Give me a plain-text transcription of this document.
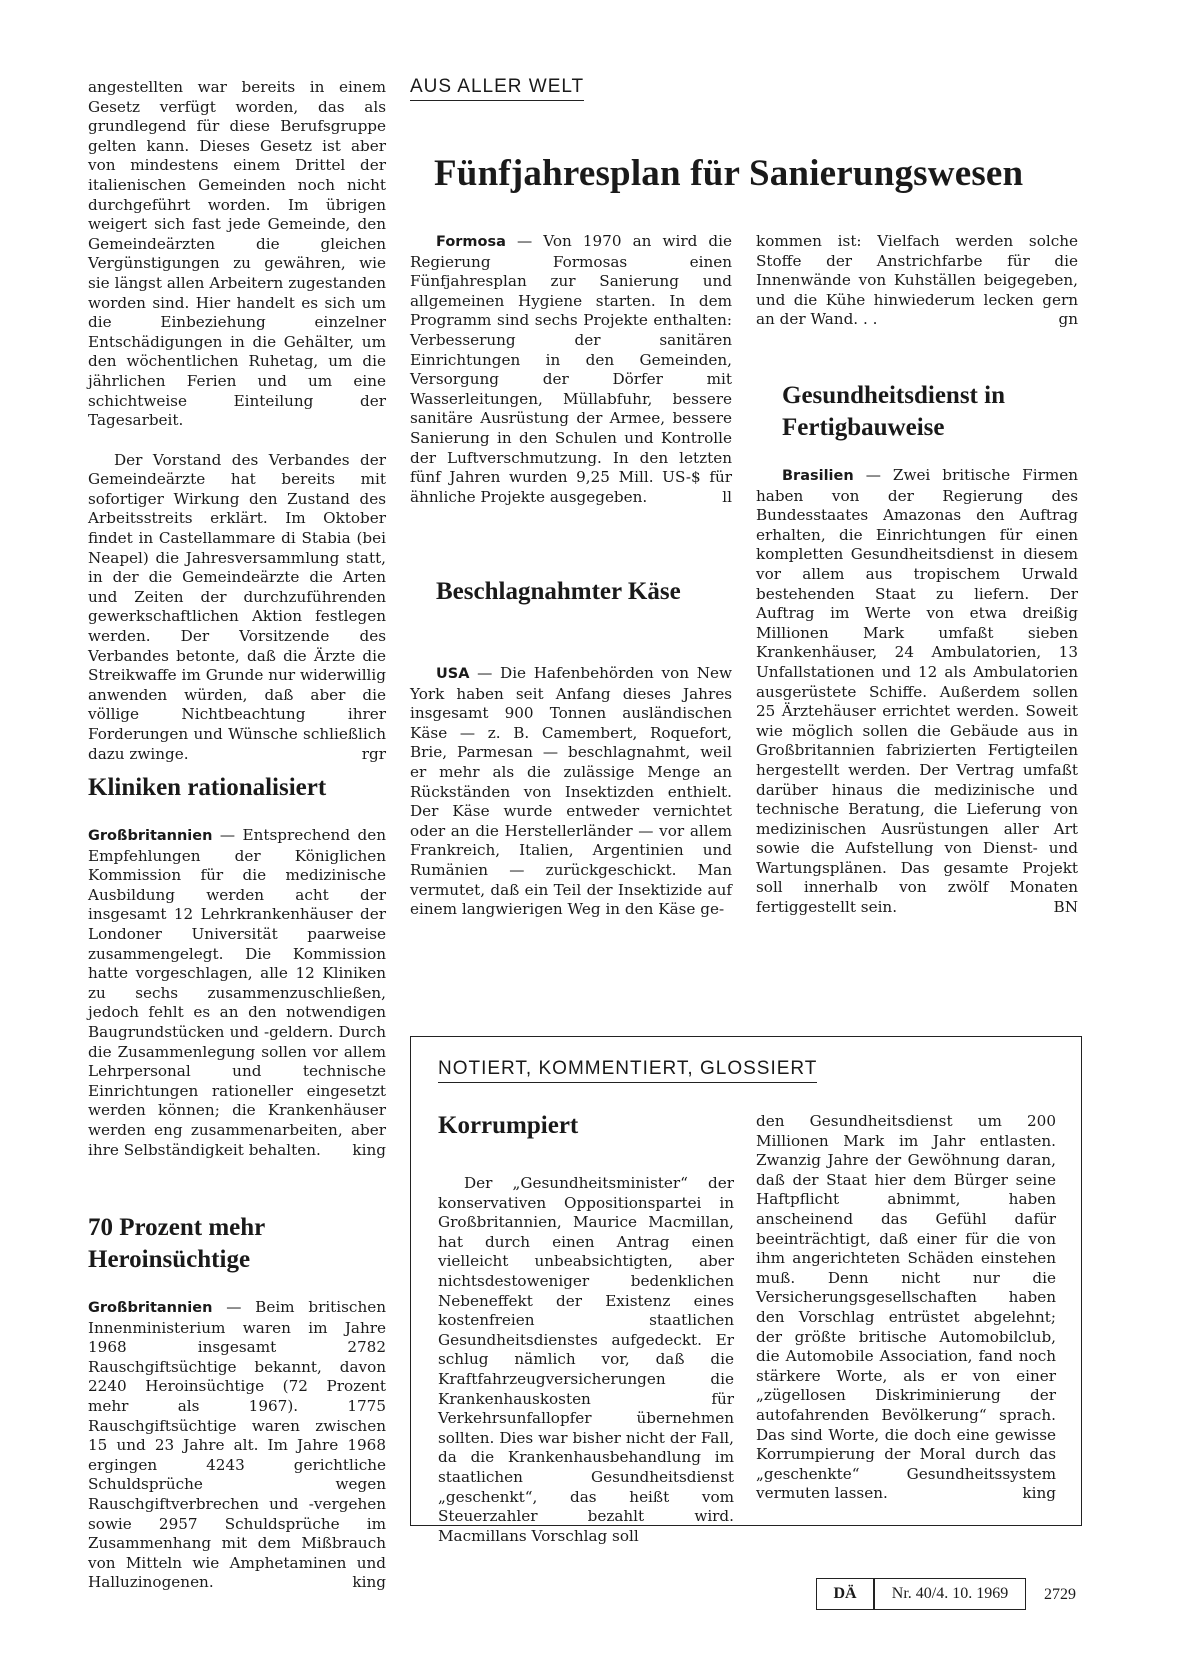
angestellten war bereits in einem Gesetz verfügt worden, das als grundlegend für diese Berufsgruppe gelten kann. Dieses Gesetz ist aber von mindestens einem Drittel der italienischen Gemeinden noch nicht durchgeführt worden. Im übrigen weigert sich fast jede Gemeinde, den Gemeindeärzten die gleichen Vergünstigungen zu gewähren, wie sie längst allen Arbeitern zugestanden worden sind. Hier handelt es sich um die Einbeziehung einzelner Entschädigungen in die Gehälter, um den wöchentlichen Ruhetag, um die jährlichen Ferien und um eine schichtweise Einteilung der Tagesarbeit.

Der Vorstand des Verbandes der Gemeindeärzte hat bereits mit sofortiger Wirkung den Zustand des Arbeitsstreits erklärt. Im Oktober findet in Castellammare di Stabia (bei Neapel) die Jahresversammlung statt, in der die Gemeindeärzte die Arten und Zeiten der durchzuführenden gewerkschaftlichen Aktion festlegen werden. Der Vorsitzende des Verbandes betonte, daß die Ärzte die Streikwaffe im Grunde nur widerwillig anwenden würden, daß aber die völlige Nichtbeachtung ihrer Forderungen und Wünsche schließlich dazu zwinge.	rgr

Kliniken rationalisiert

Großbritannien — Entsprechend den Empfehlungen der Königlichen Kommission für die medizinische Ausbildung werden acht der insgesamt 12 Lehrkrankenhäuser der Londoner Universität paarweise zusammengelegt. Die Kommission hatte vorgeschlagen, alle 12 Kliniken zu sechs zusammenzuschließen, jedoch fehlt es an den notwendigen Baugrundstücken und -geldern. Durch die Zusammenlegung sollen vor allem Lehrpersonal und technische Einrichtungen rationeller eingesetzt werden können; die Krankenhäuser werden eng zusammenarbeiten, aber ihre Selbständigkeit behalten. king

70 Prozent mehr Heroinsüchtige

Großbritannien — Beim britischen Innenministerium waren im Jahre 1968 insgesamt 2782 Rauschgiftsüchtige bekannt, davon 2240 Heroinsüchtige (72 Prozent mehr als 1967). 1775 Rauschgiftsüchtige waren zwischen 15 und 23 Jahre alt. Im Jahre 1968 ergingen 4243 gerichtliche Schuldsprüche wegen Rauschgiftverbrechen und -vergehen sowie 2957 Schuldsprüche im Zusammenhang mit dem Mißbrauch von Mitteln wie Amphetaminen und Halluzinogenen.	king

AUS ALLER WELT
Fünfjahresplan für Sanierungswesen

Formosa — Von 1970 an wird die Regierung Formosas einen Fünfjahresplan zur Sanierung und allgemeinen Hygiene starten. In dem Programm sind sechs Projekte enthalten: Verbesserung der sanitären Einrichtungen in den Gemeinden, Versorgung der Dörfer mit Wasserleitungen, Müllabfuhr, bessere sanitäre Ausrüstung der Armee, bessere Sanierung in den Schulen und Kontrolle der Luftverschmutzung. In den letzten fünf Jahren wurden 9,25 Mill. US-$ für ähnliche Projekte ausgegeben.	ll

Beschlagnahmter Käse

USA — Die Hafenbehörden von New York haben seit Anfang dieses Jahres insgesamt 900 Tonnen ausländischen Käse — z. B. Camembert, Roquefort, Brie, Parmesan — beschlagnahmt, weil er mehr als die zulässige Menge an Rückständen von Insektizden enthielt. Der Käse wurde entweder vernichtet oder an die Herstellerländer — vor allem Frankreich, Italien, Argentinien und Rumänien — zurückgeschickt. Man vermutet, daß ein Teil der Insektizide auf einem langwierigen Weg in den Käse ge-

kommen ist: Vielfach werden solche Stoffe der Anstrichfarbe für die Innenwände von Kuhställen beigegeben, und die Kühe hinwiederum lecken gern an der Wand. . .	gn

Gesundheitsdienst in Fertigbauweise

Brasilien — Zwei britische Firmen haben von der Regierung des Bundesstaates Amazonas den Auftrag erhalten, die Einrichtungen für einen kompletten Gesundheitsdienst in diesem vor allem aus tropischem Urwald bestehenden Staat zu liefern. Der Auftrag im Werte von etwa dreißig Millionen Mark umfaßt sieben Krankenhäuser, 24 Ambulatorien, 13 Unfallstationen und 12 als Ambulatorien ausgerüstete Schiffe. Außerdem sollen 25 Ärztehäuser errichtet werden. Soweit wie möglich sollen die Gebäude aus in Großbritannien fabrizierten Fertigteilen hergestellt werden. Der Vertrag umfaßt darüber hinaus die medizinische und technische Beratung, die Lieferung von medizinischen Ausrüstungen aller Art sowie die Aufstellung von Dienst- und Wartungsplänen. Das gesamte Projekt soll innerhalb von zwölf Monaten fertiggestellt sein.	BN

NOTIERT, KOMMENTIERT, GLOSSIERT
Korrumpiert

Der „Gesundheitsminister“ der konservativen Oppositionspartei in Großbritannien, Maurice Macmillan, hat durch einen Antrag einen vielleicht unbeabsichtigten, aber nichtsdestoweniger bedenklichen Nebeneffekt der Existenz eines kostenfreien staatlichen Gesundheitsdienstes aufgedeckt. Er schlug nämlich vor, daß die Kraftfahrzeugversicherungen die Krankenhauskosten für Verkehrsunfallopfer übernehmen sollten. Dies war bisher nicht der Fall, da die Krankenhausbehandlung im staatlichen Gesundheitsdienst „geschenkt“, das heißt vom Steuerzahler bezahlt wird. Macmillans Vorschlag soll

den Gesundheitsdienst um 200 Millionen Mark im Jahr entlasten. Zwanzig Jahre der Gewöhnung daran, daß der Staat hier dem Bürger seine Haftpflicht abnimmt, haben anscheinend das Gefühl dafür beeinträchtigt, daß einer für die von ihm angerichteten Schäden einstehen muß. Denn nicht nur die Versicherungsgesellschaften haben den Vorschlag entrüstet abgelehnt; der größte britische Automobilclub, die Automobile Association, fand noch stärkere Worte, als er von einer „zügellosen Diskriminierung der autofahrenden Bevölkerung“ sprach. Das sind Worte, die doch eine gewisse Korrumpierung der Moral durch das „geschenkte“ Gesundheitssystem vermuten lassen.	king

DÄ	Nr. 40/4. 10. 1969	2729
